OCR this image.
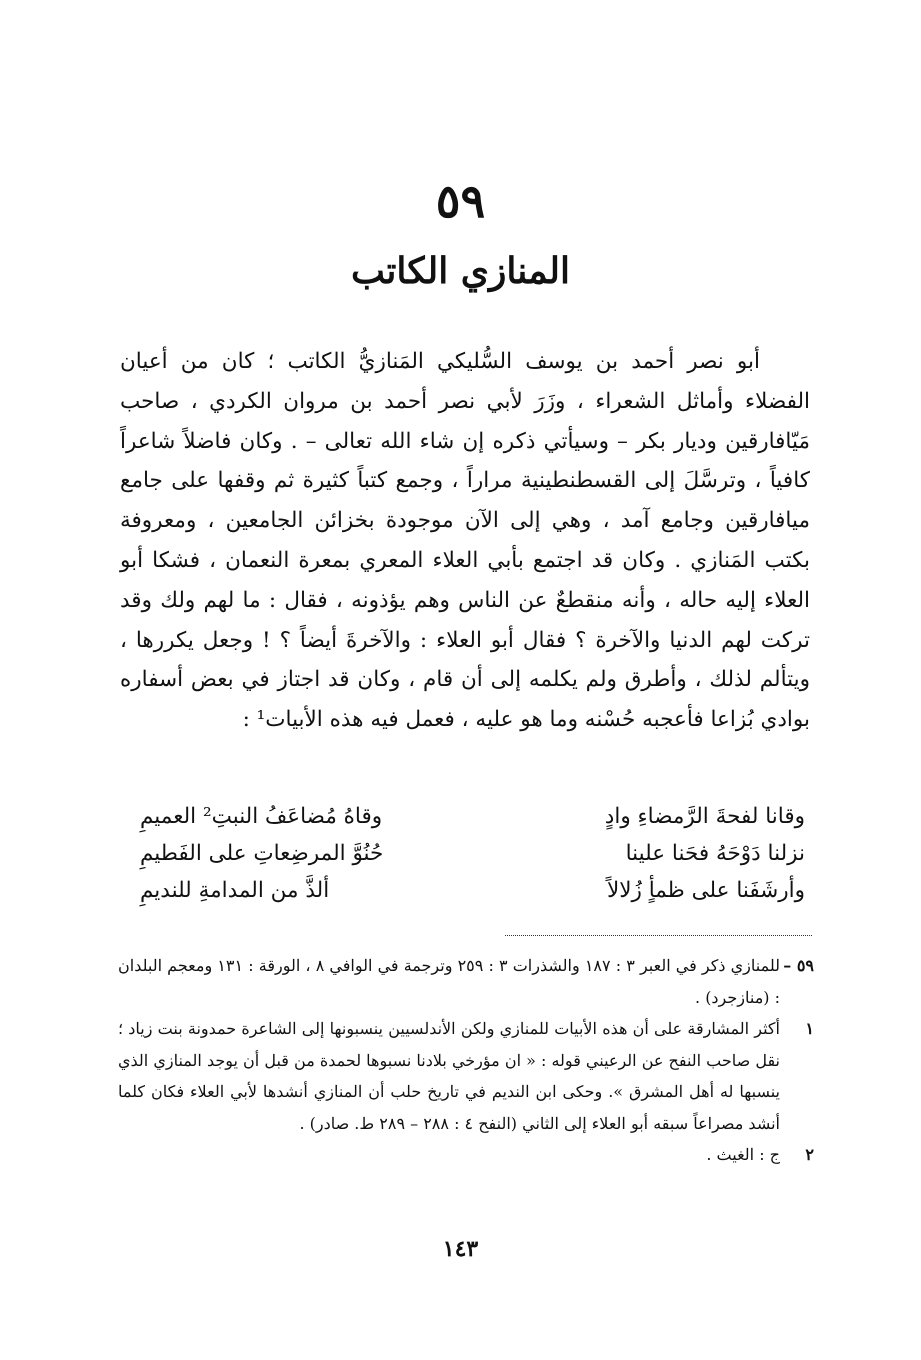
٥٩
المنازي الكاتب

أبو نصر أحمد بن يوسف السُّليكي المَنازيُّ الكاتب ؛ كان من أعيان الفضلاء وأماثل الشعراء ، وزَرَ لأبي نصر أحمد بن مروان الكردي ، صاحب مَيّافارقين وديار بكر – وسيأتي ذكره إن شاء الله تعالى – . وكان فاضلاً شاعراً كافياً ، وترسَّلَ إلى القسطنطينية مراراً ، وجمع كتباً كثيرة ثم وقفها على جامع ميافارقين وجامع آمد ، وهي إلى الآن موجودة بخزائن الجامعين ، ومعروفة بكتب المَنازي . وكان قد اجتمع بأبي العلاء المعري بمعرة النعمان ، فشكا أبو العلاء إليه حاله ، وأنه منقطعٌ عن الناس وهم يؤذونه ، فقال : ما لهم ولك وقد تركت لهم الدنيا والآخرة ؟ فقال أبو العلاء : والآخرةَ أيضاً ؟ ! وجعل يكررها ، ويتألم لذلك ، وأطرق ولم يكلمه إلى أن قام ، وكان قد اجتاز في بعض أسفاره بوادي بُزاعا فأعجبه حُسْنه وما هو عليه ، فعمل فيه هذه الأبيات¹ :

وقانا لفحةَ الرَّمضاءِ وادٍ
وقاهُ مُضاعَفُ النبتِ² العميمِ
نزلنا دَوْحَهُ فحَنا علينا
حُنُوَّ المرضِعاتِ على الفَطيمِ
وأرشَفَنا على ظمأٍ زُلالاً
ألذَّ من المدامةِ للنديمِ
٥٩ –
للمنازي ذكر في العبر ٣ : ١٨٧ والشذرات ٣ : ٢٥٩ وترجمة في الوافي ٨ ، الورقة : ١٣١ ومعجم البلدان : (منازجرد) .
١
أكثر المشارقة على أن هذه الأبيات للمنازي ولكن الأندلسيين ينسبونها إلى الشاعرة حمدونة بنت زياد ؛ نقل صاحب النفح عن الرعيني قوله : « ان مؤرخي بلادنا نسبوها لحمدة من قبل أن يوجد المنازي الذي ينسبها له أهل المشرق ». وحكى ابن النديم في تاريخ حلب أن المنازي أنشدها لأبي العلاء فكان كلما أنشد مصراعاً سبقه أبو العلاء إلى الثاني (النفح ٤ : ٢٨٨ – ٢٨٩ ط. صادر) .
٢
ج : الغيث .
١٤٣
